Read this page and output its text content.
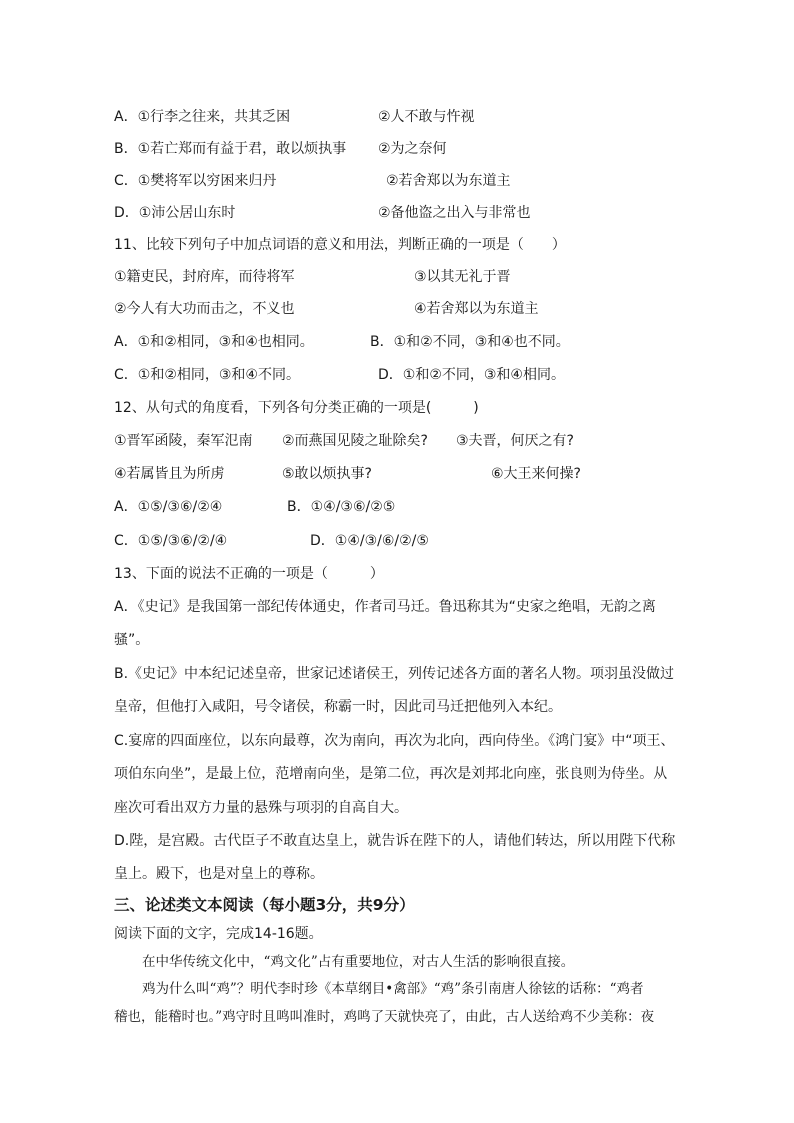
A．①行李之往来，共其乏困	②人不敢与忤视
B．①若亡郑而有益于君，敢以烦执事 ②为之奈何
C．①樊将军以穷困来归丹	②若舍郑以为东道主
D．①沛公居山东时	②备他盗之出入与非常也
11、比较下列句子中加点词语的意义和用法，判断正确的一项是（　　）
①籍吏民，封府库，而待将军	③以其无礼于晋
②今人有大功而击之，不义也	④若舍郑以为东道主
A．①和②相同，③和④也相同。	B．①和②不同，③和④也不同。
C．①和②相同，③和④不同。	D．①和②不同，③和④相同。
12、从句式的角度看，下列各句分类正确的一项是(　　　)
①晋军函陵，秦军氾南 ②而燕国见陵之耻除矣? ③夫晋，何厌之有?
④若属皆且为所虏	⑤敢以烦执事?	⑥大王来何操?
A．①⑤/③⑥/②④	B．①④/③⑥/②⑤
C．①⑤/③⑥/②/④	D．①④/③/⑥/②/⑤
13、下面的说法不正确的一项是（　　　）
A．《史记》是我国第一部纪传体通史，作者司马迁。鲁迅称其为“史家之绝唱，无韵之离
骚”。
B.《史记》中本纪记述皇帝，世家记述诸侯王，列传记述各方面的著名人物。项羽虽没做过
皇帝，但他打入咸阳，号令诸侯，称霸一时，因此司马迁把他列入本纪。
C.宴席的四面座位，以东向最尊，次为南向，再次为北向，西向侍坐。《鸿门宴》中“项王、
项伯东向坐”，是最上位，范增南向坐，是第二位，再次是刘邦北向座，张良则为侍坐。从
座次可看出双方力量的悬殊与项羽的自高自大。
D.陛，是宫殿。古代臣子不敢直达皇上，就告诉在陛下的人，请他们转达，所以用陛下代称
皇上。殿下，也是对皇上的尊称。
三、论述类文本阅读（每小题3分，共9分）
阅读下面的文字，完成14-16题。
在中华传统文化中，“鸡文化”占有重要地位，对古人生活的影响很直接。
鸡为什么叫“鸡”？明代李时珍《本草纲目•禽部》“鸡”条引南唐人徐铉的话称：“鸡者
稽也，能稽时也。”鸡守时且鸣叫准时，鸡鸣了天就快亮了，由此，古人送给鸡不少美称：夜
